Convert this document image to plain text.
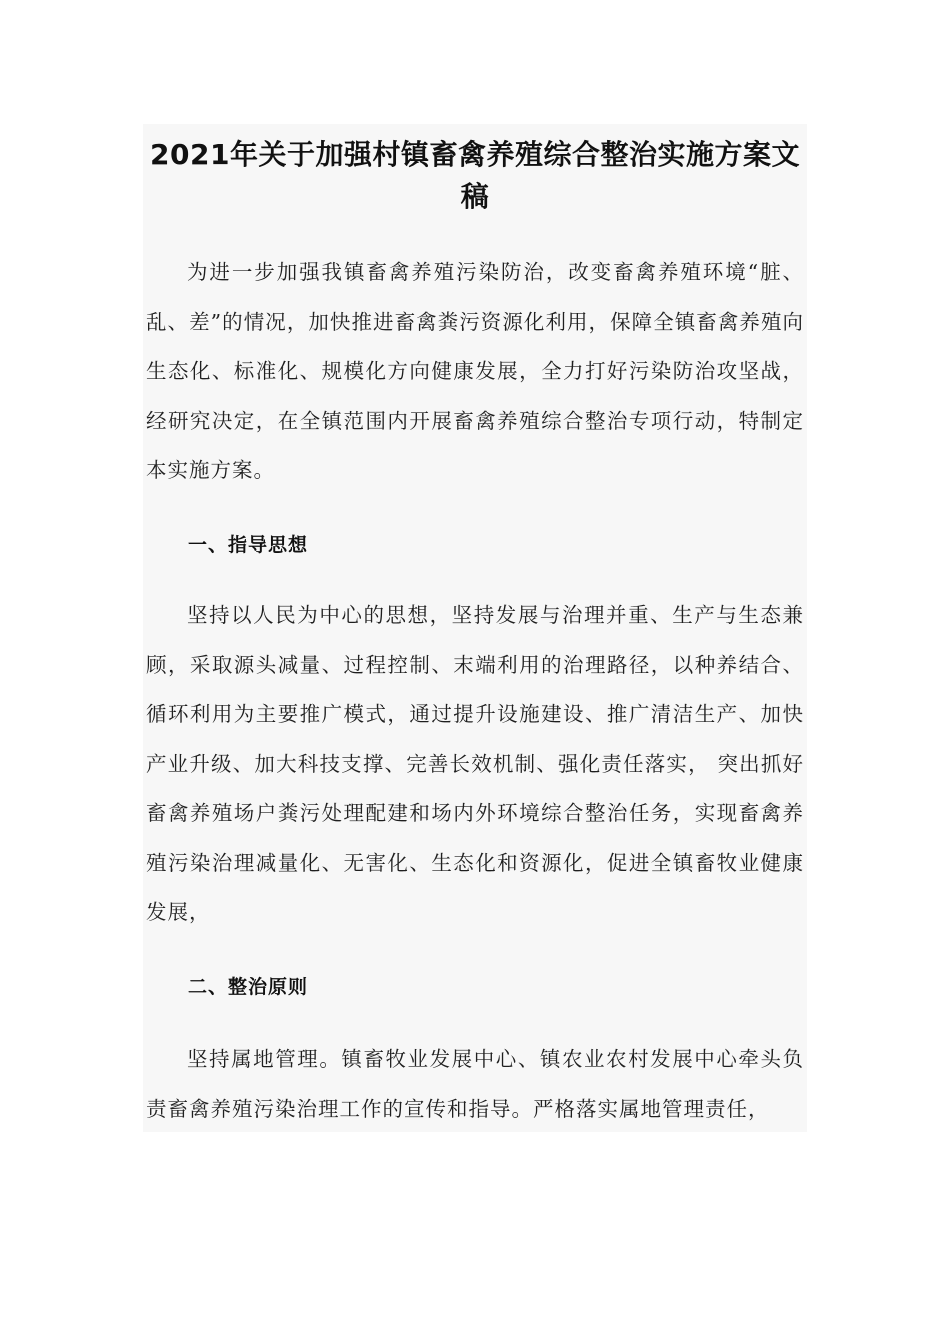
2021年关于加强村镇畜禽养殖综合整治实施方案文稿

为进一步加强我镇畜禽养殖污染防治，改变畜禽养殖环境“脏、乱、差”的情况，加快推进畜禽粪污资源化利用，保障全镇畜禽养殖向生态化、标准化、规模化方向健康发展，全力打好污染防治攻坚战，经研究决定，在全镇范围内开展畜禽养殖综合整治专项行动，特制定本实施方案。

一、指导思想

坚持以人民为中心的思想，坚持发展与治理并重、生产与生态兼顾，采取源头减量、过程控制、末端利用的治理路径，以种养结合、循环利用为主要推广模式，通过提升设施建设、推广清洁生产、加快产业升级、加大科技支撑、完善长效机制、强化责任落实， 突出抓好畜禽养殖场户粪污处理配建和场内外环境综合整治任务，实现畜禽养殖污染治理减量化、无害化、生态化和资源化，促进全镇畜牧业健康发展，

二、整治原则

坚持属地管理。镇畜牧业发展中心、镇农业农村发展中心牵头负责畜禽养殖污染治理工作的宣传和指导。严格落实属地管理责任，
